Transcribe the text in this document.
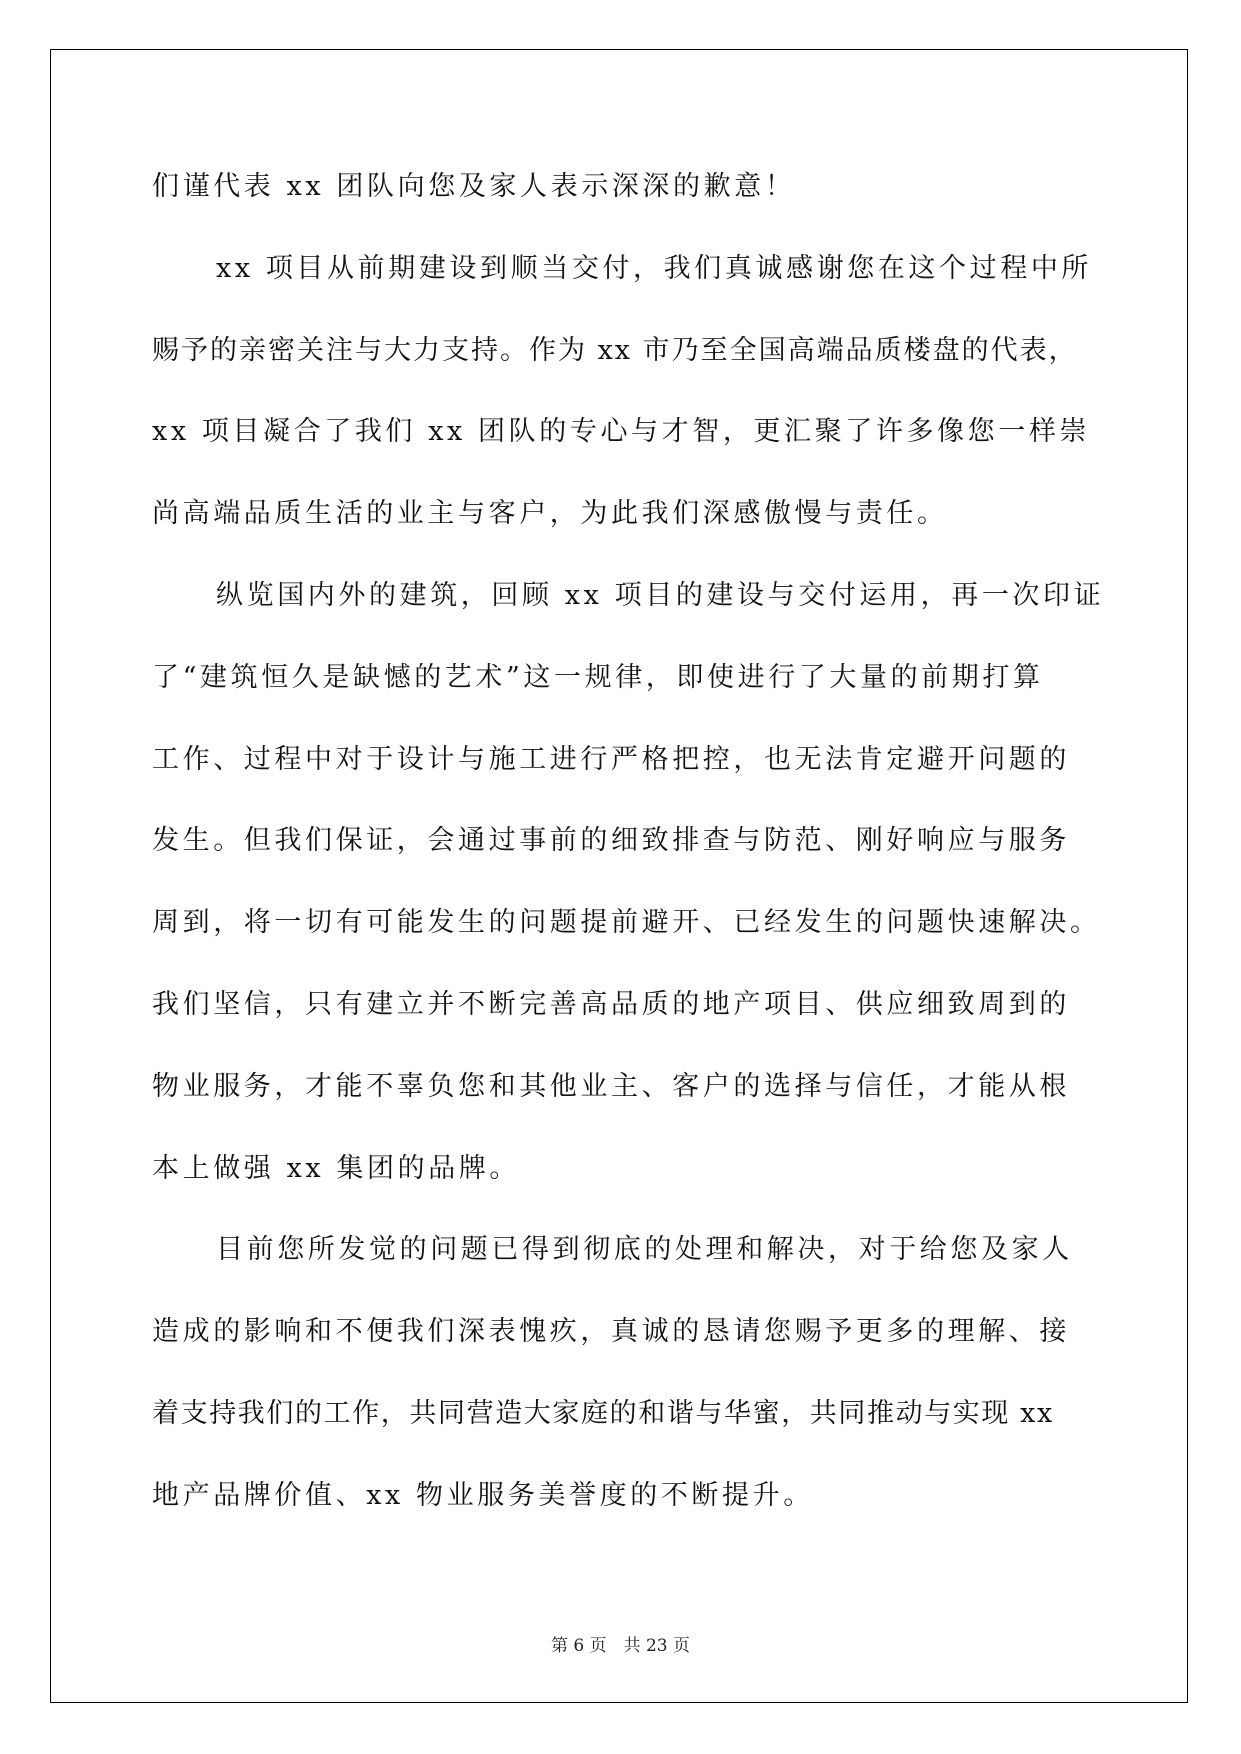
们谨代表 xx 团队向您及家人表示深深的歉意！
xx 项目从前期建设到顺当交付，我们真诚感谢您在这个过程中所
赐予的亲密关注与大力支持。作为 xx 市乃至全国高端品质楼盘的代表，
xx 项目凝合了我们 xx 团队的专心与才智，更汇聚了许多像您一样崇
尚高端品质生活的业主与客户，为此我们深感傲慢与责任。
纵览国内外的建筑，回顾 xx 项目的建设与交付运用，再一次印证
了“建筑恒久是缺憾的艺术”这一规律，即使进行了大量的前期打算
工作、过程中对于设计与施工进行严格把控，也无法肯定避开问题的
发生。但我们保证，会通过事前的细致排查与防范、刚好响应与服务
周到，将一切有可能发生的问题提前避开、已经发生的问题快速解决。
我们坚信，只有建立并不断完善高品质的地产项目、供应细致周到的
物业服务，才能不辜负您和其他业主、客户的选择与信任，才能从根
本上做强 xx 集团的品牌。
目前您所发觉的问题已得到彻底的处理和解决，对于给您及家人
造成的影响和不便我们深表愧疚，真诚的恳请您赐予更多的理解、接
着支持我们的工作，共同营造大家庭的和谐与华蜜，共同推动与实现 xx
地产品牌价值、xx 物业服务美誉度的不断提升。
第 6 页　共 23 页
